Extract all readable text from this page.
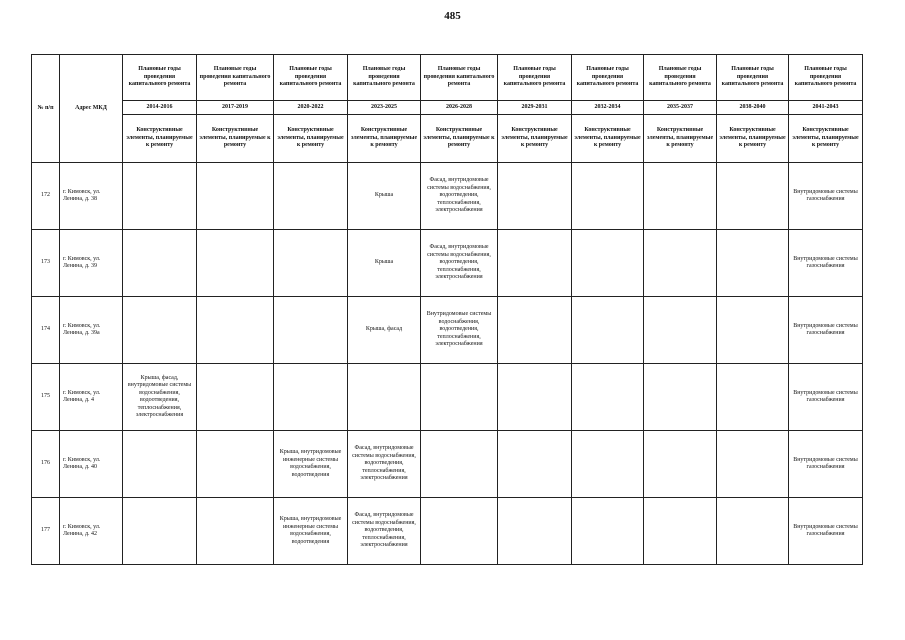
485
№ п/п	Адрес МКД	Плановые годы проведения капитального ремонта	Плановые годы проведения капитального ремонта	Плановые годы проведения капитального ремонта	Плановые годы проведения капитального ремонта	Плановые годы проведения капитального ремонта	Плановые годы проведения капитального ремонта	Плановые годы проведения капитального ремонта	Плановые годы проведения капитального ремонта	Плановые годы проведения капитального ремонта	Плановые годы проведения капитального ремонта
		2014-2016	2017-2019	2020-2022	2023-2025	2026-2028	2029-2031	2032-2034	2035-2037	2038-2040	2041-2043
		Конструктивные элементы, планируемые к ремонту	Конструктивные элементы, планируемые к ремонту	Конструктивные элементы, планируемые к ремонту	Конструктивные элементы, планируемые к ремонту	Конструктивные элементы, планируемые к ремонту	Конструктивные элементы, планируемые к ремонту	Конструктивные элементы, планируемые к ремонту	Конструктивные элементы, планируемые к ремонту	Конструктивные элементы, планируемые к ремонту	Конструктивные элементы, планируемые к ремонту
172	г. Кимовск, ул. Ленина, д. 38				Крыша	Фасад, внутридомовые системы водоснабжения, водоотведения, теплоснабжения, электроснабжения					Внутридомовые системы газоснабжения
173	г. Кимовск, ул. Ленина, д. 39				Крыша	Фасад, внутридомовые системы водоснабжения, водоотведения, теплоснабжения, электроснабжения					Внутридомовые системы газоснабжения
174	г. Кимовск, ул. Ленина, д. 39а				Крыша, фасад	Внутридомовые системы водоснабжения, водоотведения, теплоснабжения, электроснабжения					Внутридомовые системы газоснабжения
175	г. Кимовск, ул. Ленина, д. 4	Крыша, фасад, внутридомовые системы водоснабжения, водоотведения, теплоснабжения, электроснабжения									Внутридомовые системы газоснабжения
176	г. Кимовск, ул. Ленина, д. 40			Крыша, внутридомовые инженерные системы водоснабжения, водоотведения	Фасад, внутридомовые системы водоснабжения, водоотведения, теплоснабжения, электроснабжения						Внутридомовые системы газоснабжения
177	г. Кимовск, ул. Ленина, д. 42			Крыша, внутридомовые инженерные системы водоснабжения, водоотведения	Фасад, внутридомовые системы водоснабжения, водоотведения, теплоснабжения, электроснабжения						Внутридомовые системы газоснабжения
